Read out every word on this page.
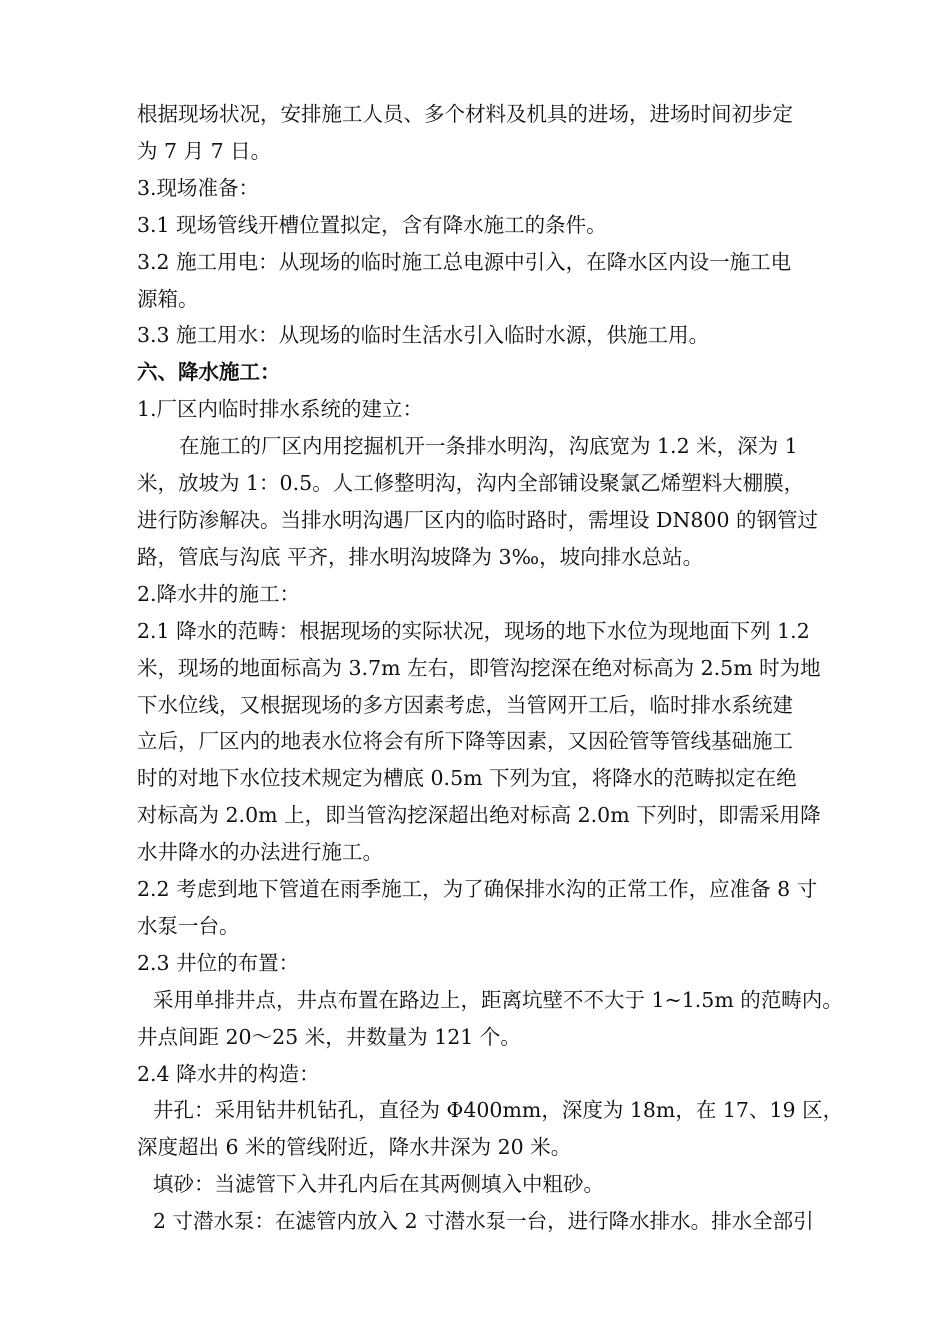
根据现场状况，安排施工人员、多个材料及机具的进场，进场时间初步定

为 7 月 7 日。

3.现场准备：

3.1 现场管线开槽位置拟定，含有降水施工的条件。

3.2 施工用电：从现场的临时施工总电源中引入，在降水区内设一施工电

源箱。

3.3 施工用水：从现场的临时生活水引入临时水源，供施工用。

六、降水施工：

1.厂区内临时排水系统的建立：

在施工的厂区内用挖掘机开一条排水明沟，沟底宽为 1.2 米，深为 1

米，放坡为 1：0.5。人工修整明沟，沟内全部铺设聚氯乙烯塑料大棚膜，

进行防渗解决。当排水明沟遇厂区内的临时路时，需埋设 DN800 的钢管过

路，管底与沟底 平齐，排水明沟坡降为 3‰，坡向排水总站。

2.降水井的施工：

2.1 降水的范畴：根据现场的实际状况，现场的地下水位为现地面下列 1.2

米，现场的地面标高为 3.7m 左右，即管沟挖深在绝对标高为 2.5m 时为地

下水位线，又根据现场的多方因素考虑，当管网开工后，临时排水系统建

立后，厂区内的地表水位将会有所下降等因素，又因砼管等管线基础施工

时的对地下水位技术规定为槽底 0.5m 下列为宜，将降水的范畴拟定在绝

对标高为 2.0m 上，即当管沟挖深超出绝对标高 2.0m 下列时，即需采用降

水井降水的办法进行施工。

2.2 考虑到地下管道在雨季施工，为了确保排水沟的正常工作，应准备 8 寸

水泵一台。

2.3 井位的布置：

采用单排井点，井点布置在路边上，距离坑壁不不大于 1~1.5m 的范畴内。

井点间距 20～25 米，井数量为 121 个。

2.4 降水井的构造：

井孔：采用钻井机钻孔，直径为 Φ400mm，深度为 18m，在 17、19 区，

深度超出 6 米的管线附近，降水井深为 20 米。

填砂：当滤管下入井孔内后在其两侧填入中粗砂。

2 寸潜水泵：在滤管内放入 2 寸潜水泵一台，进行降水排水。排水全部引
